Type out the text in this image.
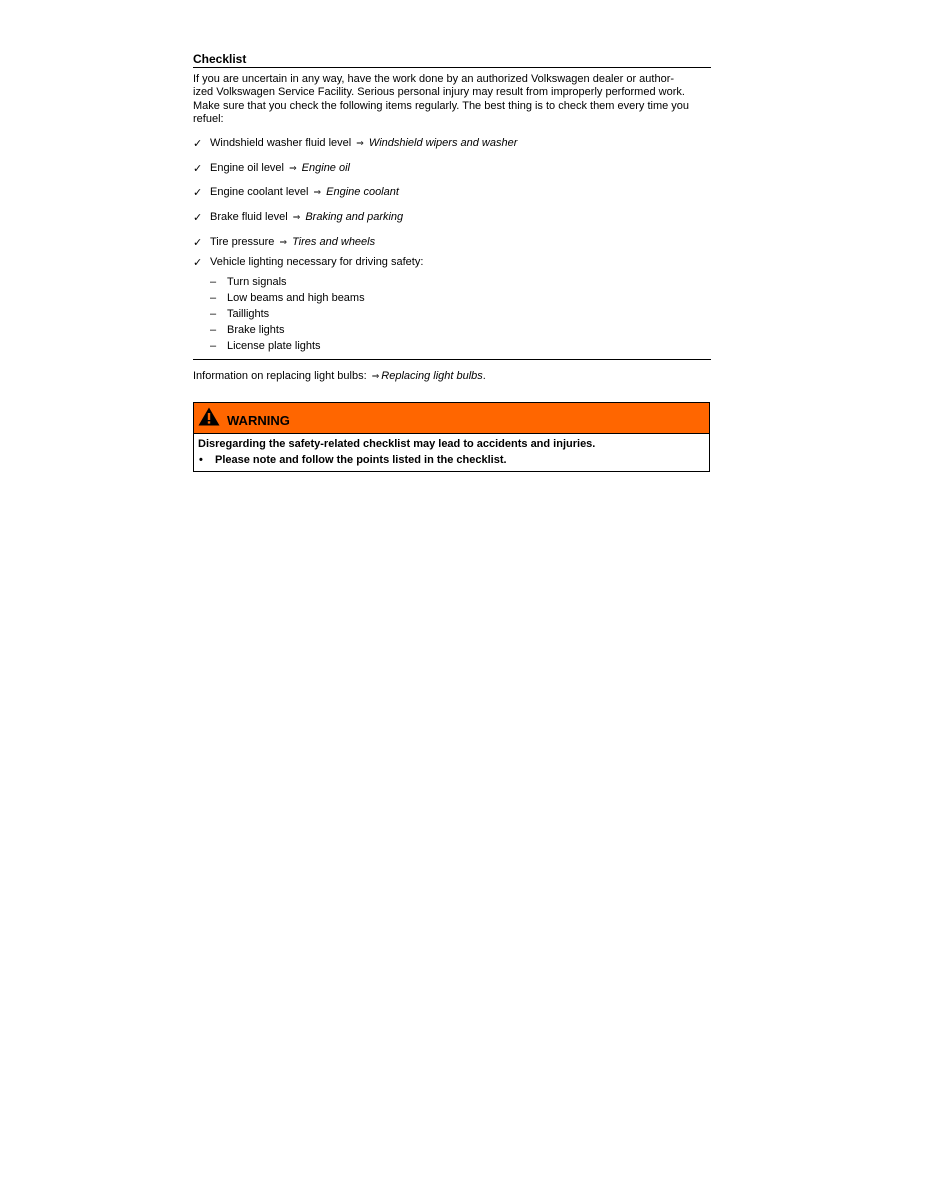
Checklist

If you are uncertain in any way, have the work done by an authorized Volkswagen dealer or author-
ized Volkswagen Service Facility. Serious personal injury may result from improperly performed work.
Make sure that you check the following items regularly. The best thing is to check them every time you
refuel:

✓ Windshield washer fluid level ⇒ Windshield wipers and washer
✓ Engine oil level ⇒ Engine oil
✓ Engine coolant level ⇒ Engine coolant
✓ Brake fluid level ⇒ Braking and parking
✓ Tire pressure ⇒ Tires and wheels
✓ Vehicle lighting necessary for driving safety:
– Turn signals
– Low beams and high beams
– Taillights
– Brake lights
– License plate lights

Information on replacing light bulbs: ⇒ Replacing light bulbs.

WARNING
Disregarding the safety-related checklist may lead to accidents and injuries.
• Please note and follow the points listed in the checklist.
